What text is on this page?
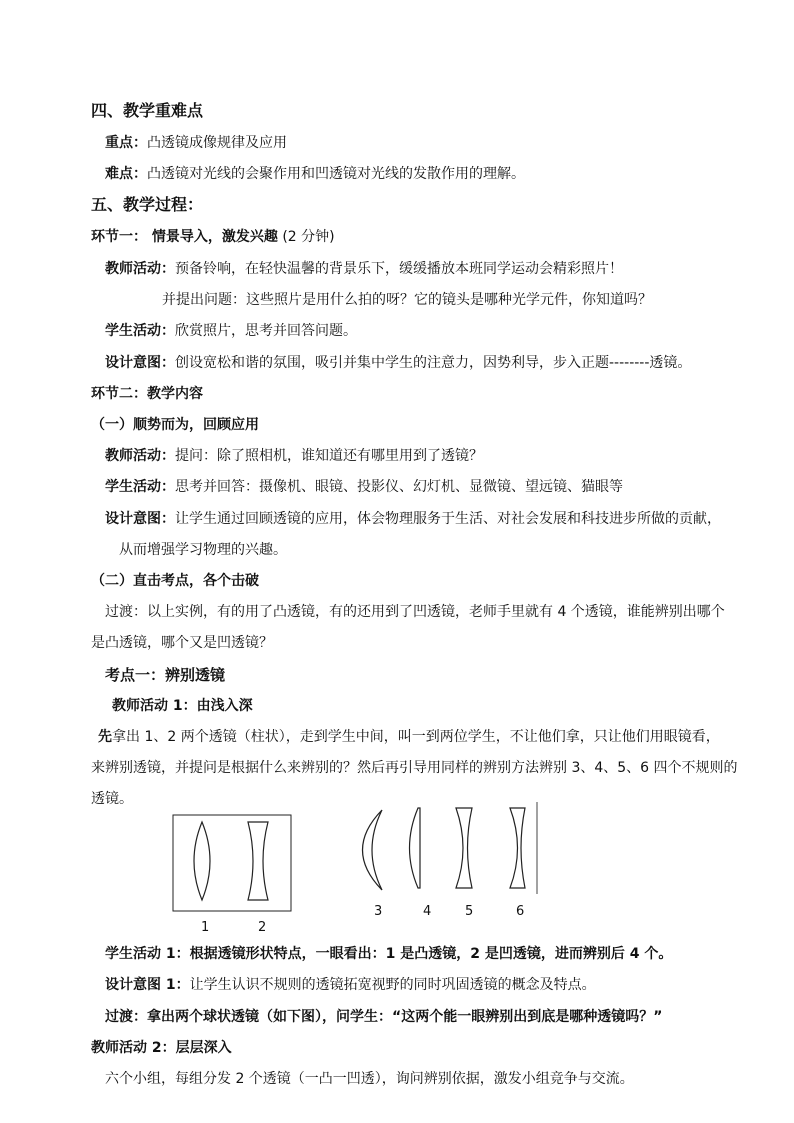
四、教学重难点
重点：凸透镜成像规律及应用
难点：凸透镜对光线的会聚作用和凹透镜对光线的发散作用的理解。
五、教学过程：
环节一： 情景导入，激发兴趣 (2 分钟)
教师活动：预备铃响，在轻快温馨的背景乐下，缓缓播放本班同学运动会精彩照片！
并提出问题：这些照片是用什么拍的呀？它的镜头是哪种光学元件，你知道吗？
学生活动：欣赏照片，思考并回答问题。
设计意图：创设宽松和谐的氛围，吸引并集中学生的注意力，因势利导，步入正题--------透镜。
环节二：教学内容
（一）顺势而为，回顾应用
教师活动：提问：除了照相机，谁知道还有哪里用到了透镜？
学生活动：思考并回答：摄像机、眼镜、投影仪、幻灯机、显微镜、望远镜、猫眼等
设计意图：让学生通过回顾透镜的应用，体会物理服务于生活、对社会发展和科技进步所做的贡献，
从而增强学习物理的兴趣。
（二）直击考点，各个击破
过渡：以上实例，有的用了凸透镜，有的还用到了凹透镜，老师手里就有 4 个透镜，谁能辨别出哪个
是凸透镜，哪个又是凹透镜？
考点一：辨别透镜
教师活动 1：由浅入深
先拿出 1、2 两个透镜（柱状），走到学生中间，叫一到两位学生，不让他们拿，只让他们用眼镜看，
来辨别透镜，并提问是根据什么来辨别的？然后再引导用同样的辨别方法辨别 3、4、5、6 四个不规则的
透镜。
1	2
3	4	5	6
学生活动 1：根据透镜形状特点，一眼看出：1 是凸透镜，2 是凹透镜，进而辨别后 4 个。
设计意图 1：让学生认识不规则的透镜拓宽视野的同时巩固透镜的概念及特点。
过渡：拿出两个球状透镜（如下图），问学生：“这两个能一眼辨别出到底是哪种透镜吗？”
教师活动 2：层层深入
六个小组，每组分发 2 个透镜（一凸一凹透），询问辨别依据，激发小组竞争与交流。
